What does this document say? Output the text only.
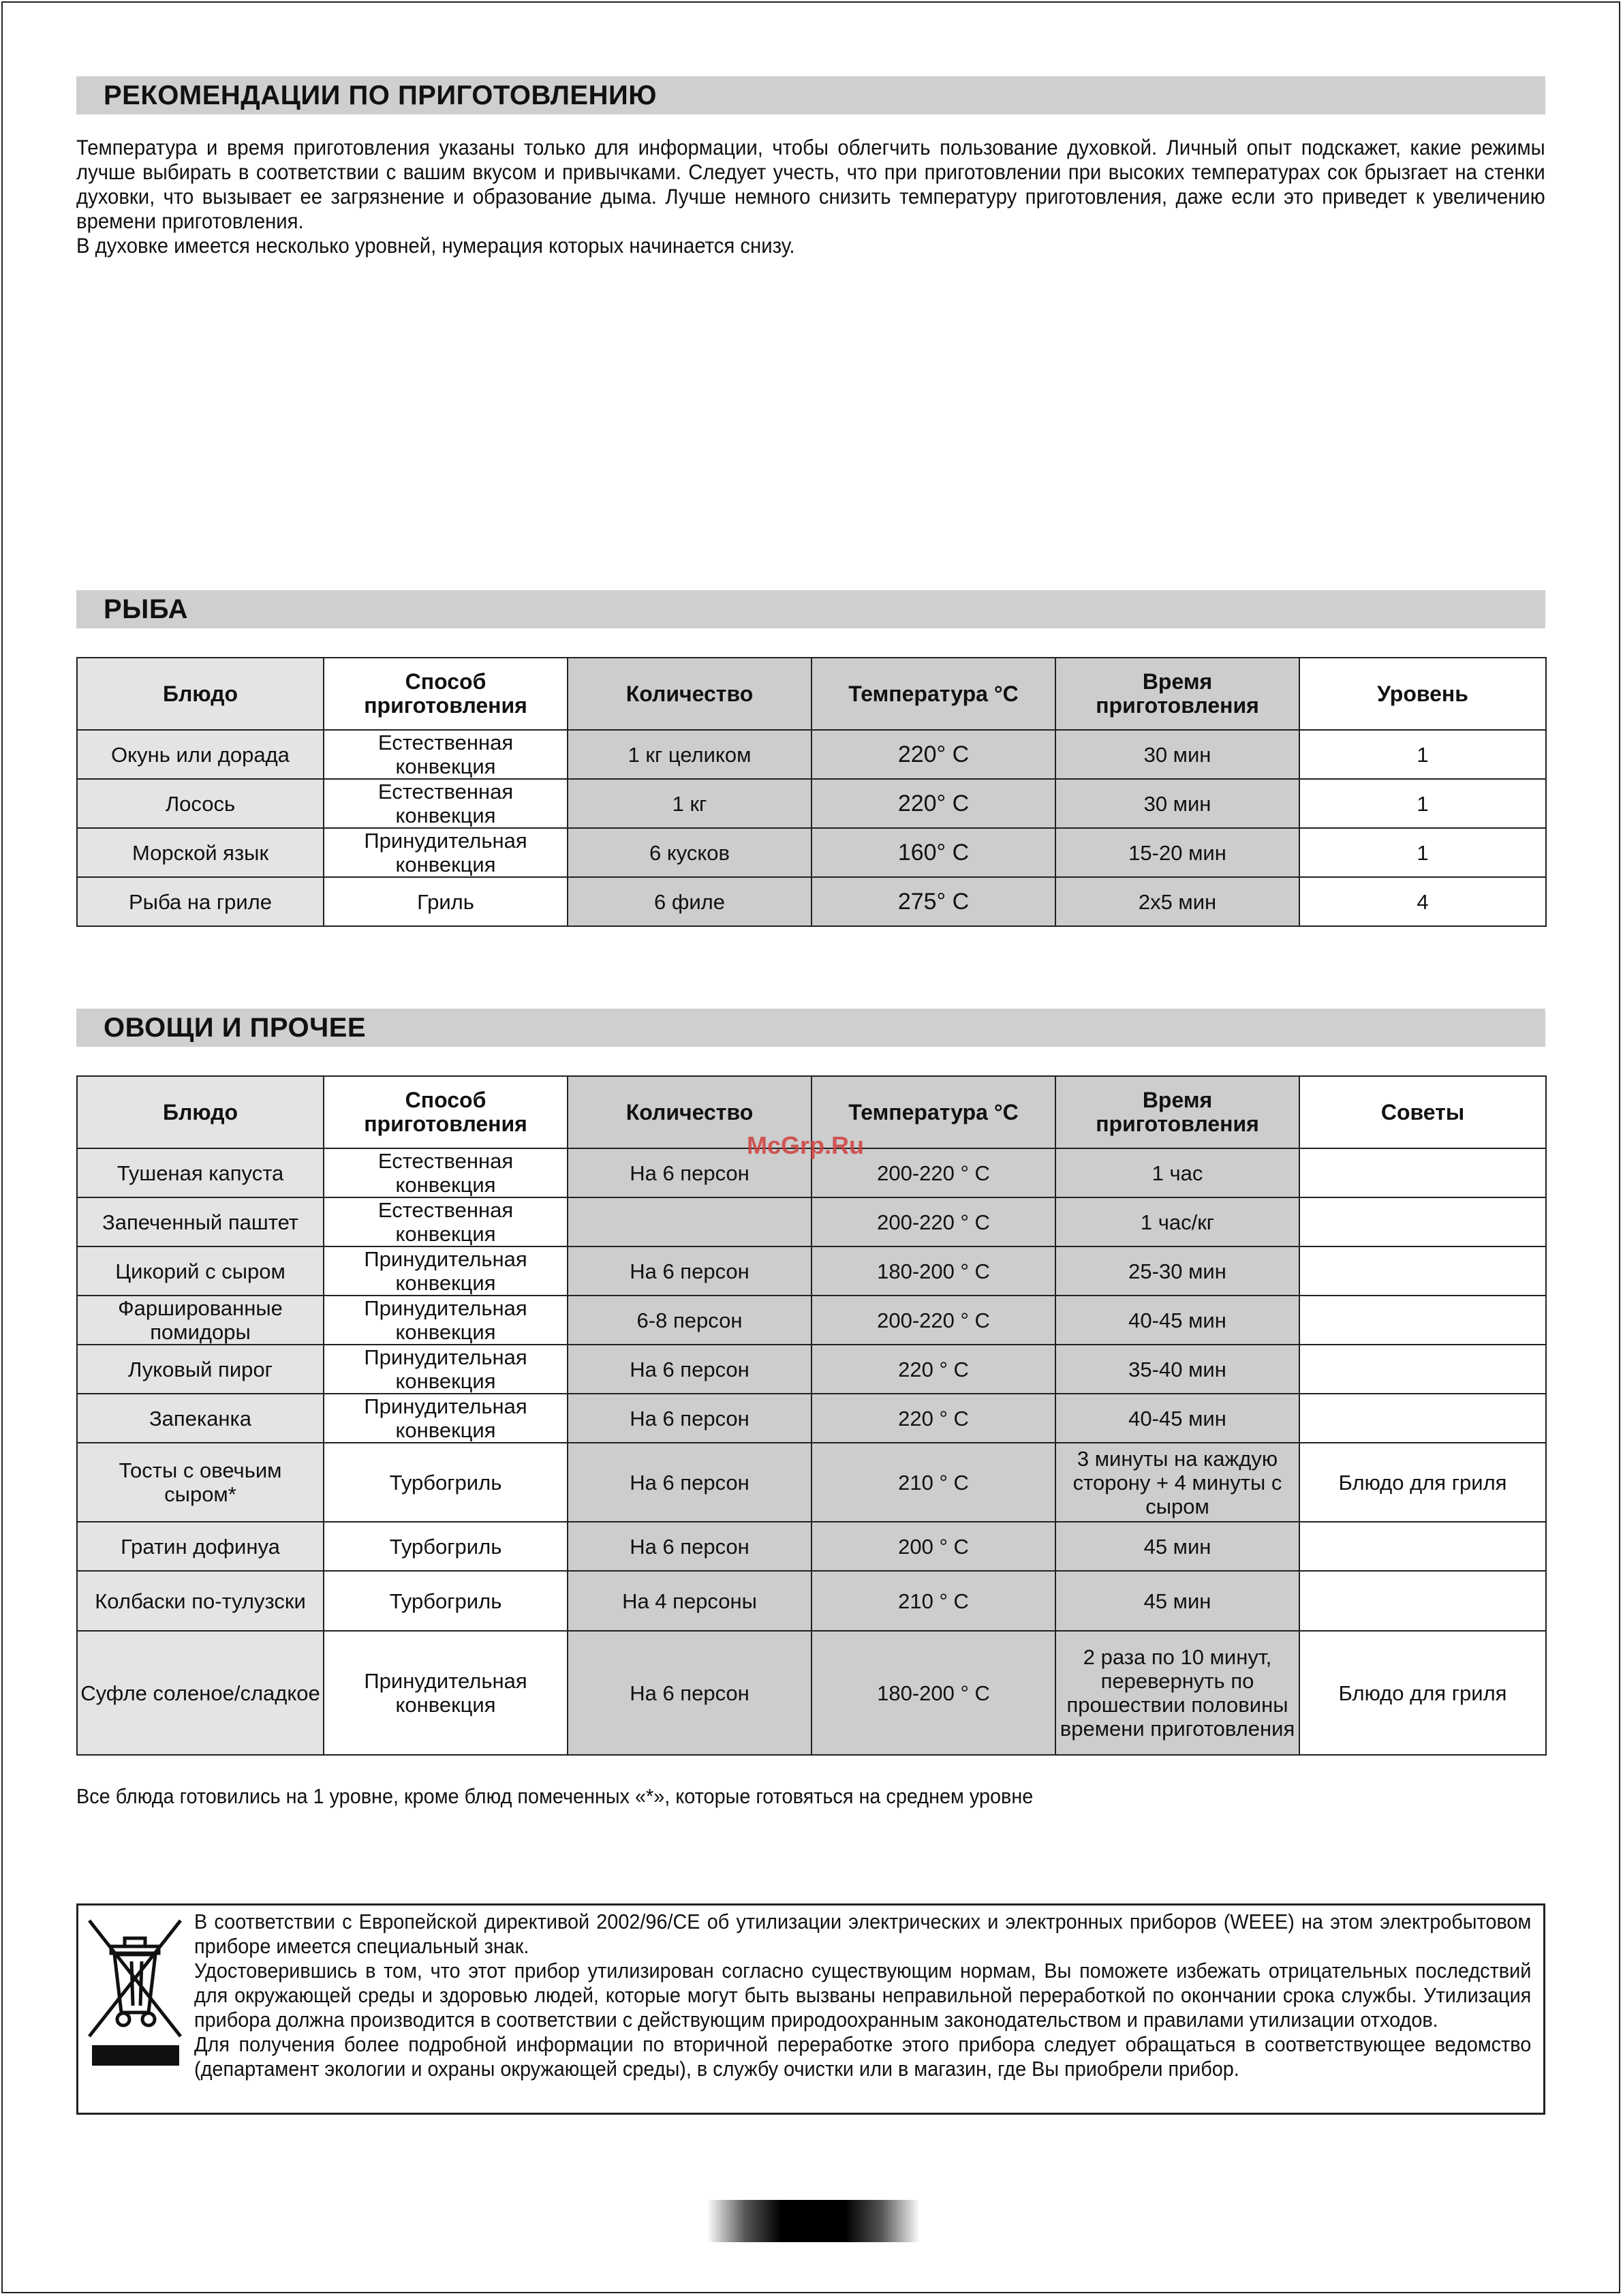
РЕКОМЕНДАЦИИ ПО ПРИГОТОВЛЕНИЮ

Температура и время приготовления указаны только для информации, чтобы облегчить пользование духовкой. Личный опыт подскажет, какие режимы лучше выбирать в соответствии с вашим вкусом и привычками. Следует учесть, что при приготовлении при высоких температурах сок брызгает на стенки духовки, что вызывает ее загрязнение и образование дыма. Лучше немного снизить температуру приготовления, даже если это приведет к увеличению времени приготовления.

В духовке имеется несколько уровней, нумерация которых начинается снизу.

РЫБА
Блюдо	Способ приготовления	Количество	Температура °C	Время приготовления	Уровень
Окунь или дорада	Естественная конвекция	1 кг целиком	220° С	30 мин	1
Лосось	Естественная конвекция	1 кг	220° С	30 мин	1
Морской язык	Принудительная конвекция	6 кусков	160° С	15-20 мин	1
Рыба на гриле	Гриль	6 филе	275° С	2х5 мин	4
ОВОЩИ И ПРОЧЕЕ
Блюдо	Способ приготовления	Количество	Температура °C	Время приготовления	Советы
Тушеная капуста	Естественная конвекция	На 6 персон	200-220 ° С	1 час	
Запеченный паштет	Естественная конвекция		200-220 ° С	1 час/кг	
Цикорий с сыром	Принудительная конвекция	На 6 персон	180-200 ° С	25-30 мин	
Фаршированные помидоры	Принудительная конвекция	6-8 персон	200-220 ° С	40-45 мин	
Луковый пирог	Принудительная конвекция	На 6 персон	220 ° С	35-40 мин	
Запеканка	Принудительная конвекция	На 6 персон	220 ° С	40-45 мин	
Тосты с овечьим сыром*	Турбогриль	На 6 персон	210 ° С	3 минуты на каждую сторону + 4 минуты с сыром	Блюдо для гриля
Гратин дофинуа	Турбогриль	На 6 персон	200 ° С	45 мин	
Колбаски по-тулузски	Турбогриль	На 4 персоны	210 ° С	45 мин	
Суфле соленое/сладкое	Принудительная конвекция	На 6 персон	180-200 ° С	2 раза по 10 минут, перевернуть по прошествии половины времени приготовления	Блюдо для гриля
McGrp.Ru
Все блюда готовились на 1 уровне, кроме блюд помеченных «*», которые готовяться на среднем уровне

В соответствии с Европейской директивой 2002/96/CE об утилизации электрических и электронных приборов (WEEE) на этом электробытовом приборе имеется специальный знак.

Удостоверившись в том, что этот прибор утилизирован согласно существующим нормам, Вы поможете избежать отрицательных последствий для окружающей среды и здоровью людей, которые могут быть вызваны неправильной переработкой по окончании срока службы. Утилизация прибора должна производится в соответствии с действующим природоохранным законодательством и правилами утилизации отходов.

Для получения более подробной информации по вторичной переработке этого прибора следует обращаться в соответствующее ведомство (департамент экологии и охраны окружающей среды), в службу очистки или в магазин, где Вы приобрели прибор.
